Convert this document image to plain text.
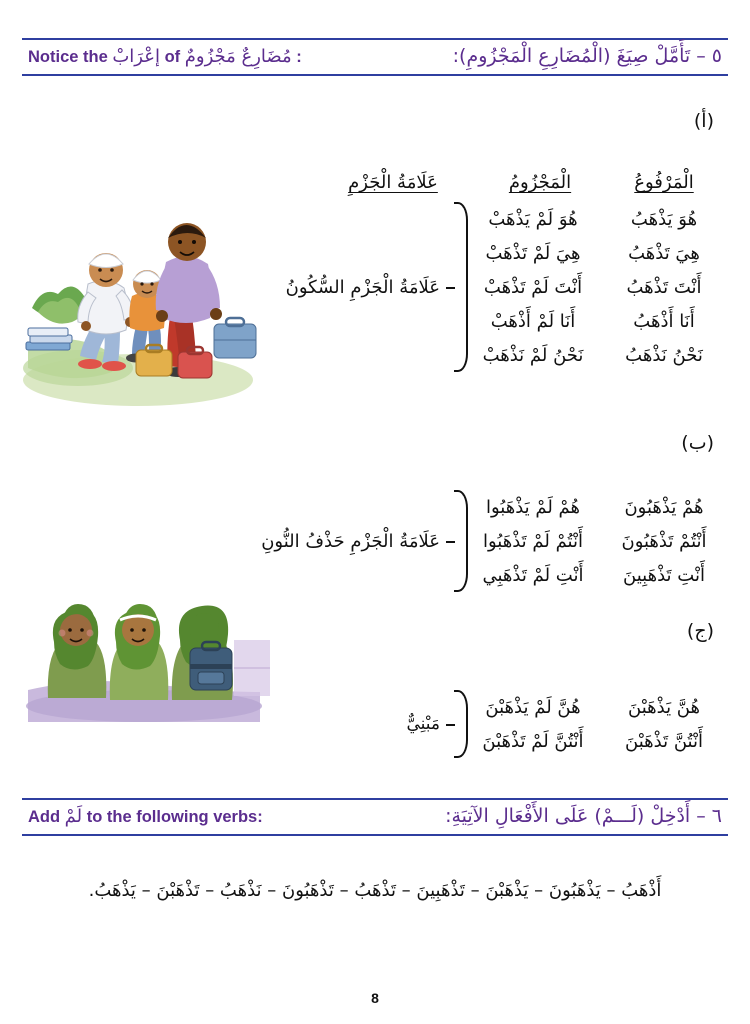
٥ – تَأَمَّلْ صِيَغَ (الْمُضَارِعِ الْمَجْزُومِ):
Notice the إعْرَابْ of مُضَارِعٌ مَجْزُومٌ :
(أ)
(ب)
(ج)
الْمَرْفُوعُ
الْمَجْزُومُ
عَلَامَةُ الْجَزْمِ
هُوَ يَذْهَبُ
هُوَ لَمْ يَذْهَبْ
هِيَ تَذْهَبُ
هِيَ لَمْ تَذْهَبْ
أَنْتَ تَذْهَبُ
أَنْتَ لَمْ تَذْهَبْ
أَنَا أَذْهَبُ
أَنَا لَمْ أَذْهَبْ
نَحْنُ نَذْهَبُ
نَحْنُ لَمْ نَذْهَبْ
عَلَامَةُ الْجَزْمِ السُّكُونُ
هُمْ يَذْهَبُونَ
هُمْ لَمْ يَذْهَبُوا
أَنْتُمْ تَذْهَبُونَ
أَنْتُمْ لَمْ تَذْهَبُوا
أَنْتِ تَذْهَبِينَ
أَنْتِ لَمْ تَذْهَبِي
عَلَامَةُ الْجَزْمِ حَذْفُ النُّونِ
هُنَّ يَذْهَبْنَ
هُنَّ لَمْ يَذْهَبْنَ
أَنْتُنَّ تَذْهَبْنَ
أَنْتُنَّ لَمْ تَذْهَبْنَ
مَبْنِيٌّ
٦ – أَدْخِلْ (لَـــمْ) عَلَى الأَفْعَالِ الآتِيَةِ:
Add لَمْ to the following verbs:
أَذْهَبُ – يَذْهَبُونَ – يَذْهَبْنَ – تَذْهَبِينَ – تَذْهَبُ – تَذْهَبُونَ – نَذْهَبُ – تَذْهَبْنَ – يَذْهَبُ.
8
